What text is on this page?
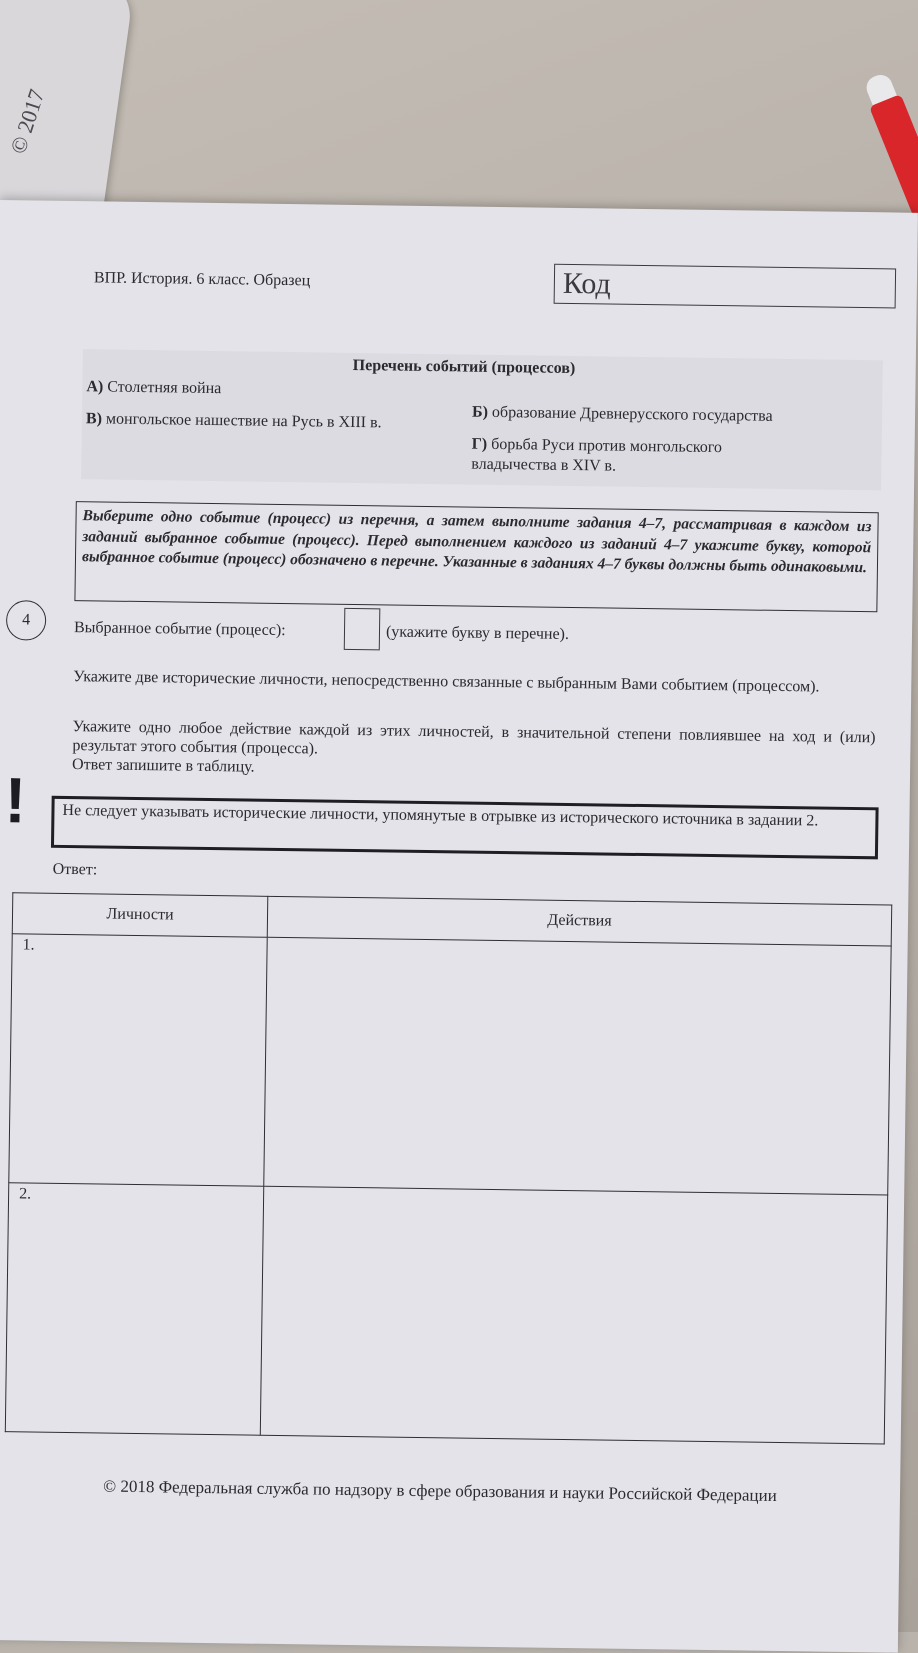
© 2017
ВПР. История. 6 класс. Образец	Код
Перечень событий (процессов)
А) Столетняя война
Б) образование Древнерусского государства
В) монгольское нашествие на Русь в XIII в.
Г) борьба Руси против монгольского владычества в XIV в.
Выберите одно событие (процесс) из перечня, а затем выполните задания 4–7, рассматривая в каждом из заданий выбранное событие (процесс). Перед выполнением каждого из заданий 4–7 укажите букву, которой выбранное событие (процесс) обозначено в перечне. Указанные в заданиях 4–7 буквы должны быть одинаковыми.
4	Выбранное событие (процесс):	(укажите букву в перечне).
Укажите две исторические личности, непосредственно связанные с выбранным Вами событием (процессом).
Укажите одно любое действие каждой из этих личностей, в значительной степени повлиявшее на ход и (или) результат этого события (процесса).
Ответ запишите в таблицу.
!	Не следует указывать исторические личности, упомянутые в отрывке из исторического источника в задании 2.
Ответ:
Личности	Действия
1.	
2.	
© 2018 Федеральная служба по надзору в сфере образования и науки Российской Федерации
